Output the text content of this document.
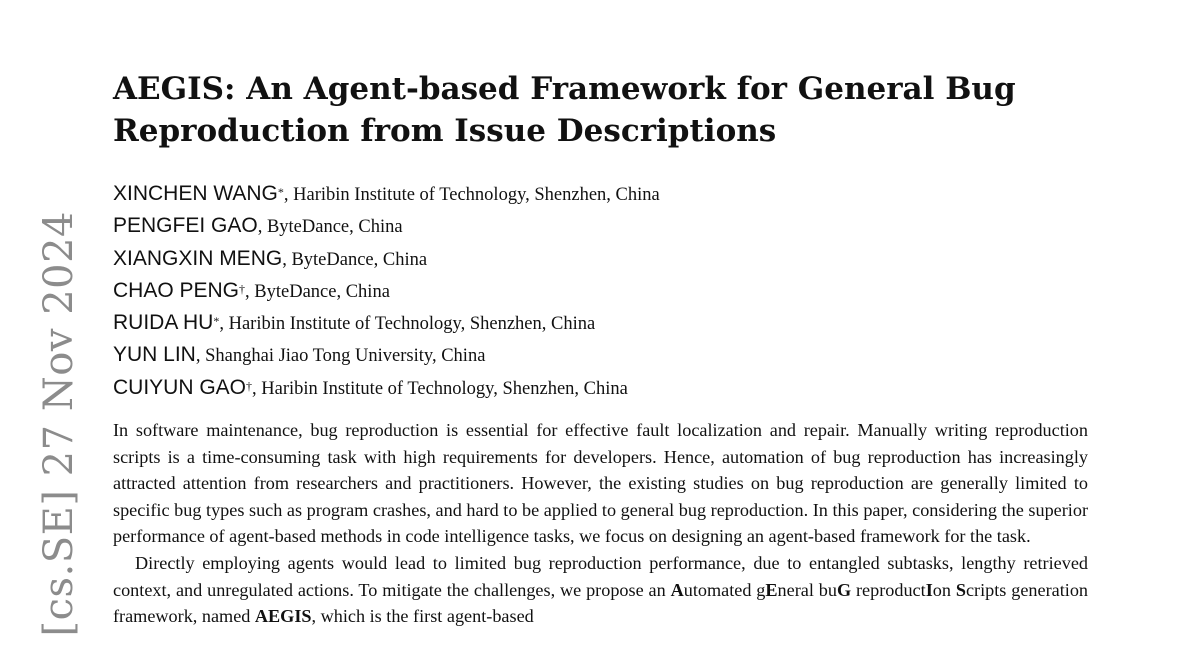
[cs.SE] 27 Nov 2024
AEGIS: An Agent-based Framework for General Bug
Reproduction from Issue Descriptions
XINCHEN WANG*, Haribin Institute of Technology, Shenzhen, China
PENGFEI GAO, ByteDance, China
XIANGXIN MENG, ByteDance, China
CHAO PENG†, ByteDance, China
RUIDA HU*, Haribin Institute of Technology, Shenzhen, China
YUN LIN, Shanghai Jiao Tong University, China
CUIYUN GAO†, Haribin Institute of Technology, Shenzhen, China

In software maintenance, bug reproduction is essential for effective fault localization and repair. Manually writing reproduction scripts is a time-consuming task with high requirements for developers. Hence, automation of bug reproduction has increasingly attracted attention from researchers and practitioners. However, the existing studies on bug reproduction are generally limited to specific bug types such as program crashes, and hard to be applied to general bug reproduction. In this paper, considering the superior performance of agent-based methods in code intelligence tasks, we focus on designing an agent-based framework for the task.

Directly employing agents would lead to limited bug reproduction performance, due to entangled subtasks, lengthy retrieved context, and unregulated actions. To mitigate the challenges, we propose an Automated gEneral buG reproductIon Scripts generation framework, named AEGIS, which is the first agent-based
